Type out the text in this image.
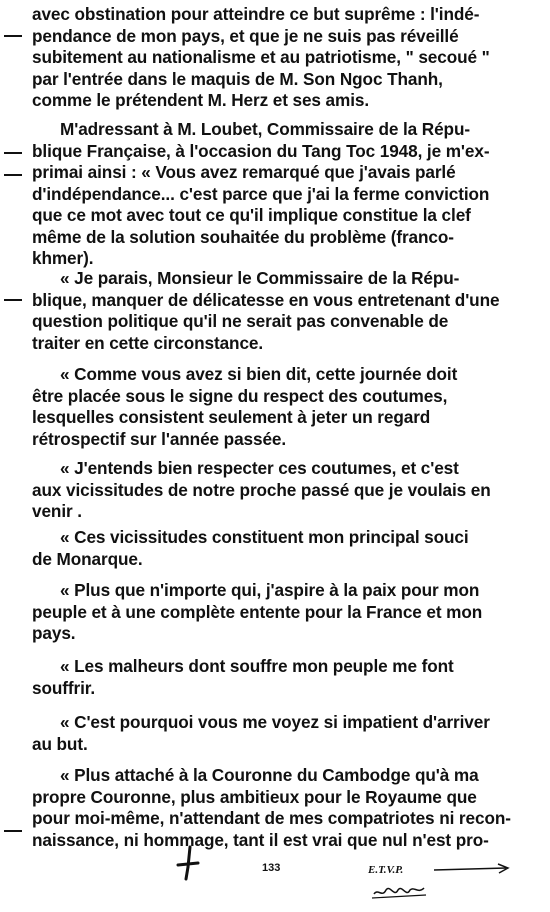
avec obstination pour atteindre ce but suprême : l'indé-
pendance de mon pays, et que je ne suis pas réveillé
subitement au nationalisme et au patriotisme, " secoué "
par l'entrée dans le maquis de M. Son Ngoc Thanh,
comme le prétendent M. Herz et ses amis.
M'adressant à M. Loubet, Commissaire de la Répu-
blique Française, à l'occasion du Tang Toc 1948, je m'ex-
primai ainsi : « Vous avez remarqué que j'avais parlé
d'indépendance... c'est parce que j'ai la ferme conviction
que ce mot avec tout ce qu'il implique constitue la clef
même de la solution souhaitée du problème (franco-
khmer).
« Je parais, Monsieur le Commissaire de la Répu-
blique, manquer de délicatesse en vous entretenant d'une
question politique qu'il ne serait pas convenable de
traiter en cette circonstance.
« Comme vous avez si bien dit, cette journée doit
être placée sous le signe du respect des coutumes,
lesquelles consistent seulement à jeter un regard
rétrospectif sur l'année passée.
« J'entends bien respecter ces coutumes, et c'est
aux vicissitudes de notre proche passé que je voulais en
venir .
« Ces vicissitudes constituent mon principal souci
de Monarque.
« Plus que n'importe qui, j'aspire à la paix pour mon
peuple et à une complète entente pour la France et mon
pays.
« Les malheurs dont souffre mon peuple me font
souffrir.
« C'est pourquoi vous me voyez si impatient d'arriver
au but.
« Plus attaché à la Couronne du Cambodge qu'à ma
propre Couronne, plus ambitieux pour le Royaume que
pour moi-même, n'attendant de mes compatriotes ni recon-
naissance, ni hommage, tant il est vrai que nul n'est pro-
133	E.T.V.P.
